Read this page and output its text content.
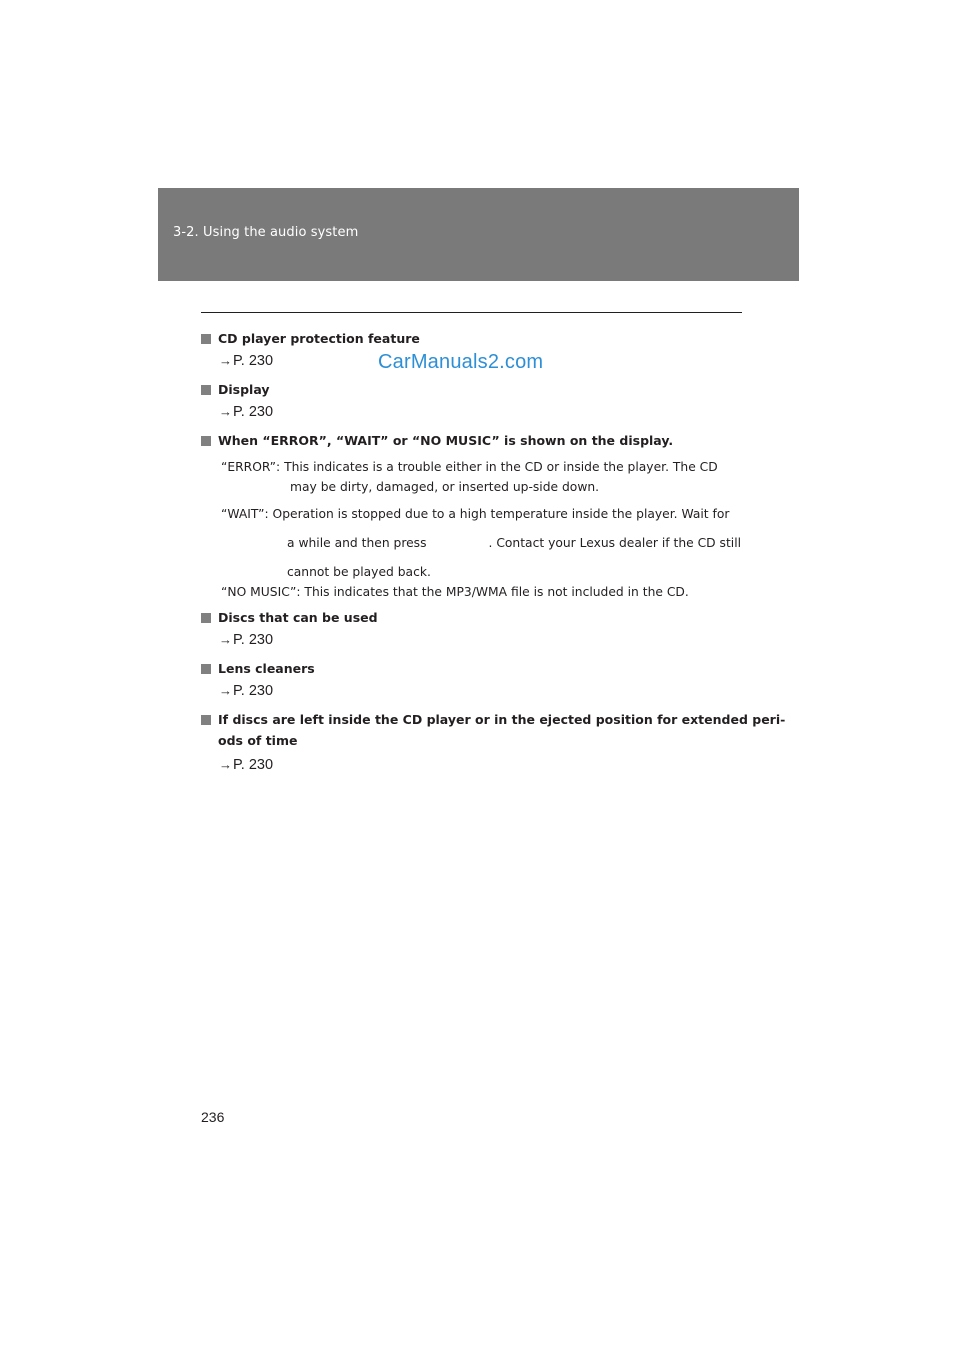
3-2. Using the audio system
CarManuals2.com
CD player protection feature
→P. 230
Display
→P. 230
When “ERROR”, “WAIT” or “NO MUSIC” is shown on the display.
“ERROR”: This indicates is a trouble either in the CD or inside the player. The CD
may be dirty, damaged, or inserted up-side down.
“WAIT”: Operation is stopped due to a high temperature inside the player. Wait for
a while and then press	. Contact your Lexus dealer if the CD still
cannot be played back.
“NO MUSIC”: This indicates that the MP3/WMA file is not included in the CD.
Discs that can be used
→P. 230
Lens cleaners
→P. 230
If discs are left inside the CD player or in the ejected position for extended peri-
ods of time
→P. 230
236
